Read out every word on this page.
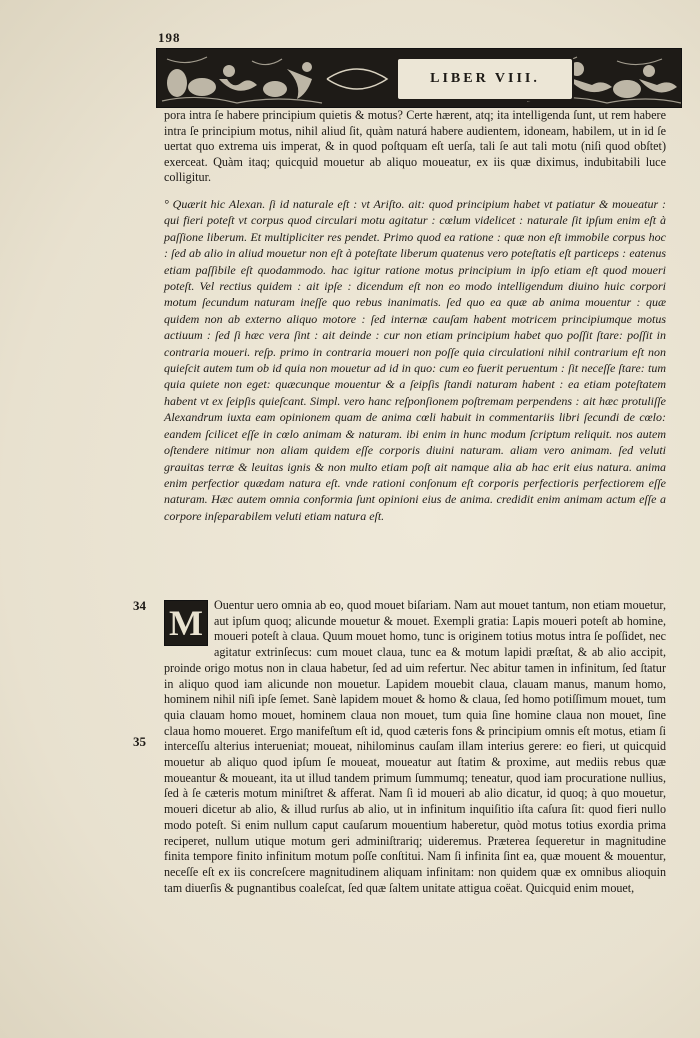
198
LIBER VIII.

pora intra ſe habere principium quietis & motus? Certe hærent, atq; ita intelligenda ſunt, ut rem habere intra ſe principium motus, nihil aliud ſit, quàm naturá habere audientem, idoneam, habilem, ut in id ſe uertat quo extrema uis imperat, & in quod poſtquam eſt uerſa, tali ſe aut tali motu (niſi quod obſtet) exerceat. Quàm itaq; quicquid mouetur ab aliquo moueatur, ex iis quæ diximus, indubitabili luce colligitur.

° Quærit hic Alexan. ſi id naturale eſt : vt Ariſto. ait: quod principium habet vt patiatur & moueatur : qui fieri poteſt vt corpus quod circulari motu agitatur : cœlum videlicet : naturale ſit ipſum enim eſt à paſſione liberum. Et multipliciter res pendet. Primo quod ea ratione : quæ non eſt immobile corpus hoc : ſed ab alio in aliud mouetur non eſt à poteſtate liberum quatenus vero poteſtatis eſt particeps : eatenus etiam paſſibile eſt quodammodo. hac igitur ratione motus principium in ipſo etiam eſt quod moueri poteſt. Vel rectius quidem : ait ipſe : dicendum eſt non eo modo intelligendum diuino huic corpori motum ſecundum naturam ineſſe quo rebus inanimatis. ſed quo ea quæ ab anima mouentur : quæ quidem non ab externo aliquo motore : ſed internæ cauſam habent motricem principiumque motus actiuum : ſed ſi hæc vera ſint : ait deinde : cur non etiam principium habet quo poſſit ſtare: poſſit in contraria moueri. reſp. primo in contraria moueri non poſſe quia circulationi nihil contrarium eſt non quieſcit autem tum ob id quia non mouetur ad id in quo: cum eo fuerit peruentum : ſit neceſſe ſtare: tum quia quiete non eget: quæcunque mouentur & a ſeipſis ſtandi naturam habent : ea etiam poteſtatem habent vt ex ſeipſis quieſcant. Simpl. vero hanc reſponſionem poſtremam perpendens : ait hæc protuliſſe Alexandrum iuxta eam opinionem quam de anima cœli habuit in commentariis libri ſecundi de cœlo: eandem ſcilicet eſſe in cœlo animam & naturam. ibi enim in hunc modum ſcriptum reliquit. nos autem oſtendere nitimur non aliam quidem eſſe corporis diuini naturam. aliam vero animam. ſed veluti grauitas terræ & leuitas ignis & non multo etiam poſt ait namque alia ab hac erit eius natura. anima enim perfectior quædam natura eſt. vnde rationi conſonum eſt corporis perfectioris perfectiorem eſſe naturam. Hæc autem omnia conformia ſunt opinioni eius de anima. credidit enim animam actum eſſe a corpore inſeparabilem veluti etiam natura eſt.

34
35
M Ouentur uero omnia ab eo, quod mouet biſariam. Nam aut mouet tantum, non etiam mouetur, aut ipſum quoq; alicunde mouetur & mouet. Exempli gratia: Lapis moueri poteſt ab homine, moueri poteſt à claua. Quum mouet homo, tunc is originem totius motus intra ſe poſſidet, nec agitatur extrinſecus: cum mouet claua, tunc ea & motum lapidi præſtat, & ab alio accipit, proinde origo motus non in claua habetur, ſed ad uim refertur. Nec abitur tamen in infinitum, ſed ſtatur in aliquo quod iam alicunde non mouetur. Lapidem mouebit claua, clauam manus, manum homo, hominem nihil niſi ipſe ſemet. Sanè lapidem mouet & homo & claua, ſed homo potiſſimum mouet, tum quia clauam homo mouet, hominem claua non mouet, tum quia ſine homine claua non mouet, ſine claua homo moueret. Ergo manifeſtum eſt id, quod cæteris fons & principium omnis eſt motus, etiam ſi interceſſu alterius interueniat; moueat, nihilominus cauſam illam interius gerere: eo fieri, ut quicquid mouetur ab aliquo quod ipſum ſe moueat, moueatur aut ſtatim & proxime, aut mediis rebus quæ moueantur & moueant, ita ut illud tandem primum ſummumq; teneatur, quod iam procuratione nullius, ſed à ſe cæteris motum miniſtret & afferat. Nam ſi id moueri ab alio dicatur, id quoq; à quo mouetur, moueri dicetur ab alio, & illud rurſus ab alio, ut in infinitum inquiſitio iſta caſura ſit: quod fieri nullo modo poteſt. Si enim nullum caput cauſarum mouentium haberetur, quòd motus totius exordia prima reciperet, nullum utique motum geri adminiſtrariq; uideremus. Præterea ſequeretur in magnitudine finita tempore finito infinitum motum poſſe conſtitui. Nam ſi infinita ſint ea, quæ mouent & mouentur, neceſſe eſt ex iis concreſcere magnitudinem aliquam infinitam: non quidem quæ ex omnibus alioquin tam diuerſis & pugnantibus coaleſcat, ſed quæ ſaltem unitate attigua coëat. Quicquid enim mouet,
